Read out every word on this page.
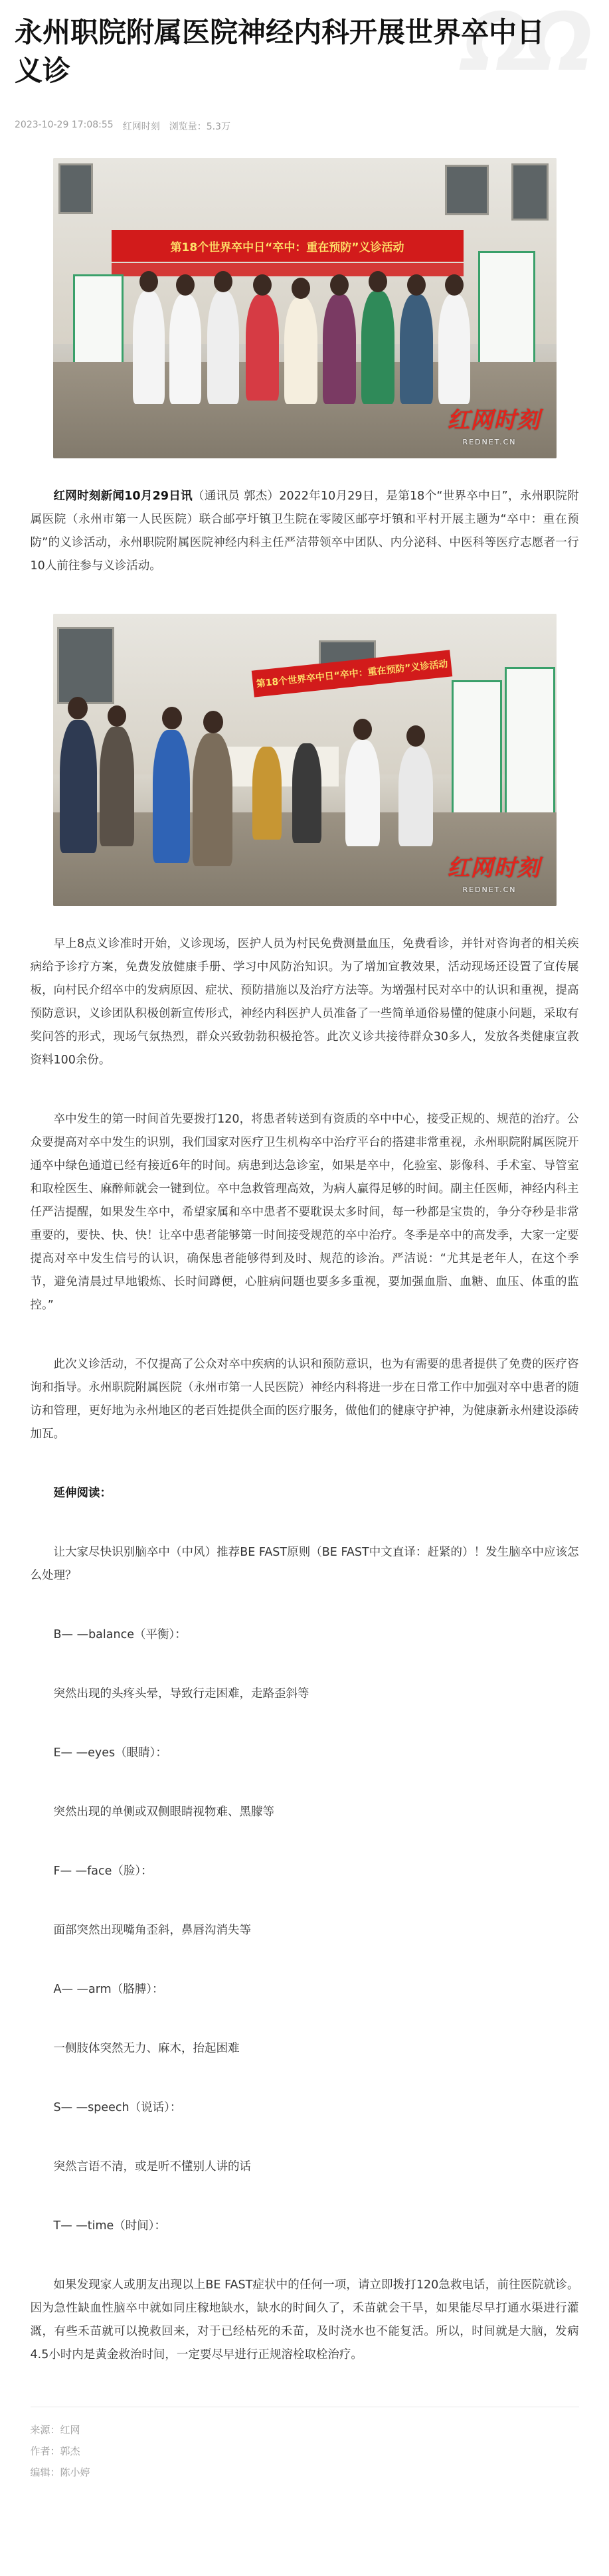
ΩΩ
永州职院附属医院神经内科开展世界卒中日义诊
2023-10-29 17:08:55 红网时刻 浏览量：5.3万
第18个世界卒中日“卒中：重在预防”义诊活动
红网时刻
REDNET.CN

红网时刻新闻10月29日讯（通讯员 郭杰）2022年10月29日，是第18个“世界卒中日”，永州职院附属医院（永州市第一人民医院）联合邮亭圩镇卫生院在零陵区邮亭圩镇和平村开展主题为“卒中：重在预防”的义诊活动，永州职院附属医院神经内科主任严洁带领卒中团队、内分泌科、中医科等医疗志愿者一行10人前往参与义诊活动。

第18个世界卒中日“卒中：重在预防”义诊活动
红网时刻
REDNET.CN

早上8点义诊准时开始，义诊现场，医护人员为村民免费测量血压，免费看诊，并针对咨询者的相关疾病给予诊疗方案，免费发放健康手册、学习中风防治知识。为了增加宣教效果，活动现场还设置了宣传展板，向村民介绍卒中的发病原因、症状、预防措施以及治疗方法等。为增强村民对卒中的认识和重视，提高预防意识，义诊团队积极创新宣传形式，神经内科医护人员准备了一些简单通俗易懂的健康小问题，采取有奖问答的形式，现场气氛热烈，群众兴致勃勃积极抢答。此次义诊共接待群众30多人，发放各类健康宣教资料100余份。

卒中发生的第一时间首先要拨打120，将患者转送到有资质的卒中中心，接受正规的、规范的治疗。公众要提高对卒中发生的识别，我们国家对医疗卫生机构卒中治疗平台的搭建非常重视，永州职院附属医院开通卒中绿色通道已经有接近6年的时间。病患到达急诊室，如果是卒中，化验室、影像科、手术室、导管室和取栓医生、麻醉师就会一键到位。卒中急救管理高效，为病人赢得足够的时间。副主任医师，神经内科主任严洁提醒，如果发生卒中，希望家属和卒中患者不要耽误太多时间，每一秒都是宝贵的，争分夺秒是非常重要的，要快、快、快！让卒中患者能够第一时间接受规范的卒中治疗。冬季是卒中的高发季，大家一定要提高对卒中发生信号的认识，确保患者能够得到及时、规范的诊治。严洁说：“尤其是老年人，在这个季节，避免清晨过早地锻炼、长时间蹲便，心脏病问题也要多多重视，要加强血脂、血糖、血压、体重的监控。”

此次义诊活动，不仅提高了公众对卒中疾病的认识和预防意识，也为有需要的患者提供了免费的医疗咨询和指导。永州职院附属医院（永州市第一人民医院）神经内科将进一步在日常工作中加强对卒中患者的随访和管理，更好地为永州地区的老百姓提供全面的医疗服务，做他们的健康守护神，为健康新永州建设添砖加瓦。

延伸阅读：

让大家尽快识别脑卒中（中风）推荐BE FAST原则（BE FAST中文直译：赶紧的）！发生脑卒中应该怎么处理？

B— —balance（平衡）：

突然出现的头疼头晕，导致行走困难，走路歪斜等

E— —eyes（眼睛）：

突然出现的单侧或双侧眼睛视物难、黑朦等

F— —face（脸）：

面部突然出现嘴角歪斜，鼻唇沟消失等

A— —arm（胳膊）：

一侧肢体突然无力、麻木，抬起困难

S— —speech（说话）：

突然言语不清，或是听不懂别人讲的话

T— —time（时间）：

如果发现家人或朋友出现以上BE FAST症状中的任何一项，请立即拨打120急救电话，前往医院就诊。因为急性缺血性脑卒中就如同庄稼地缺水，缺水的时间久了，禾苗就会干旱，如果能尽早打通水渠进行灌溉，有些禾苗就可以挽救回来，对于已经枯死的禾苗，及时浇水也不能复活。所以，时间就是大脑，发病4.5小时内是黄金救治时间，一定要尽早进行正规溶栓取栓治疗。

来源：红网
作者：郭杰
编辑：陈小婷
